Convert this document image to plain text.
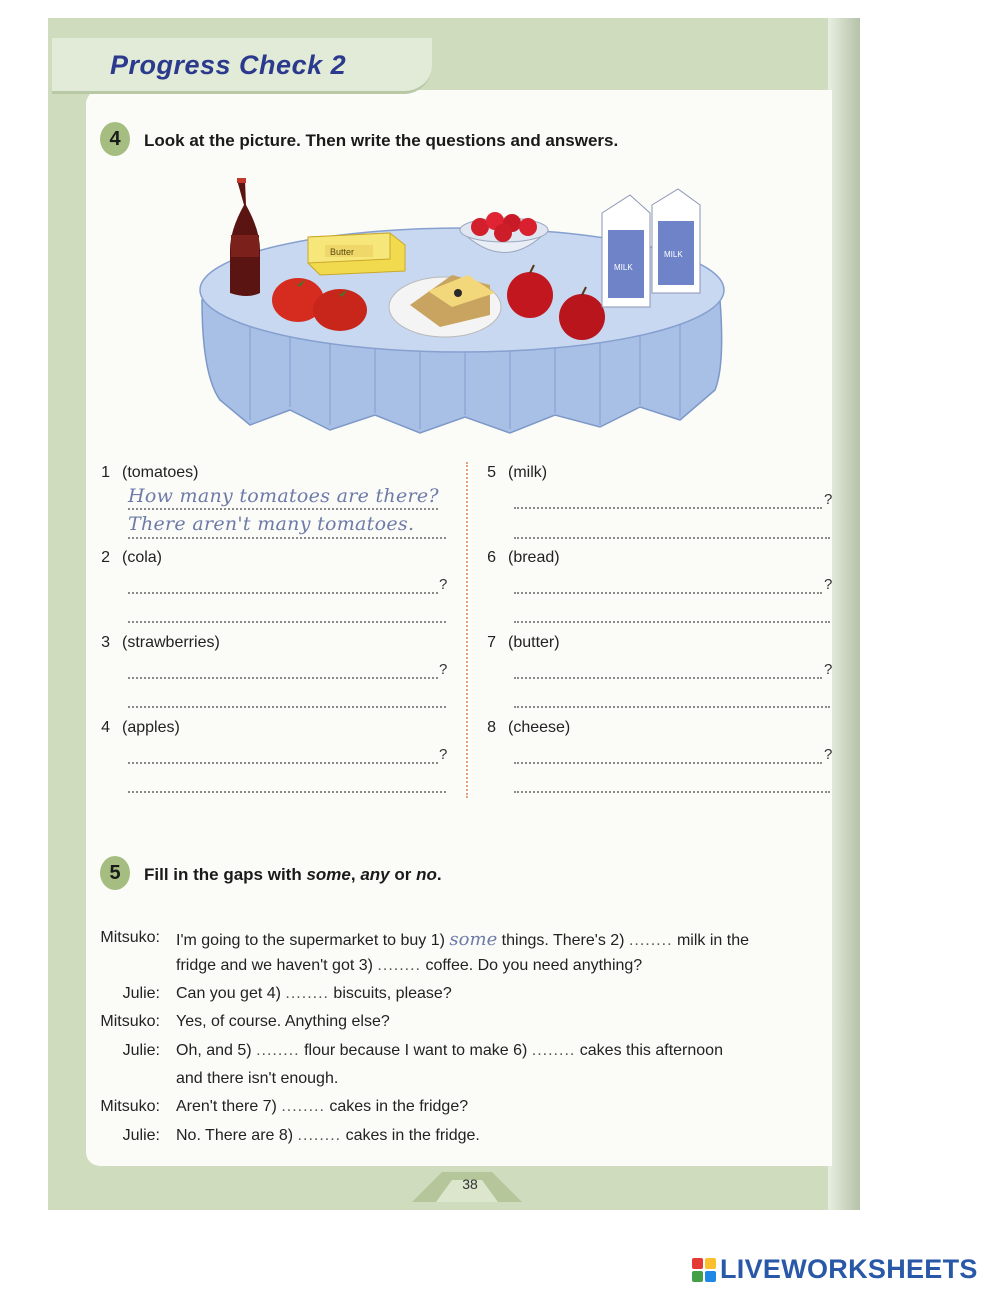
Progress Check 2
4	Look at the picture. Then write the questions and answers.
Butter
MILK
MILK
1 (tomatoes)
How many tomatoes are there?
There aren't many tomatoes.
2 (cola)
?
3 (strawberries)
?
4 (apples)
?
5 (milk)
?
6 (bread)
?
7 (butter)
?
8 (cheese)
?
5	Fill in the gaps with some, any or no.
Mitsuko: I'm going to the supermarket to buy 1) some things. There's 2) ........ milk in the
fridge and we haven't got 3) ........ coffee. Do you need anything?
Julie: Can you get 4) ........ biscuits, please?
Mitsuko: Yes, of course. Anything else?
Julie: Oh, and 5) ........ flour because I want to make 6) ........ cakes this afternoon
and there isn't enough.
Mitsuko: Aren't there 7) ........ cakes in the fridge?
Julie: No. There are 8) ........ cakes in the fridge.
38
LIVEWORKSHEETS
